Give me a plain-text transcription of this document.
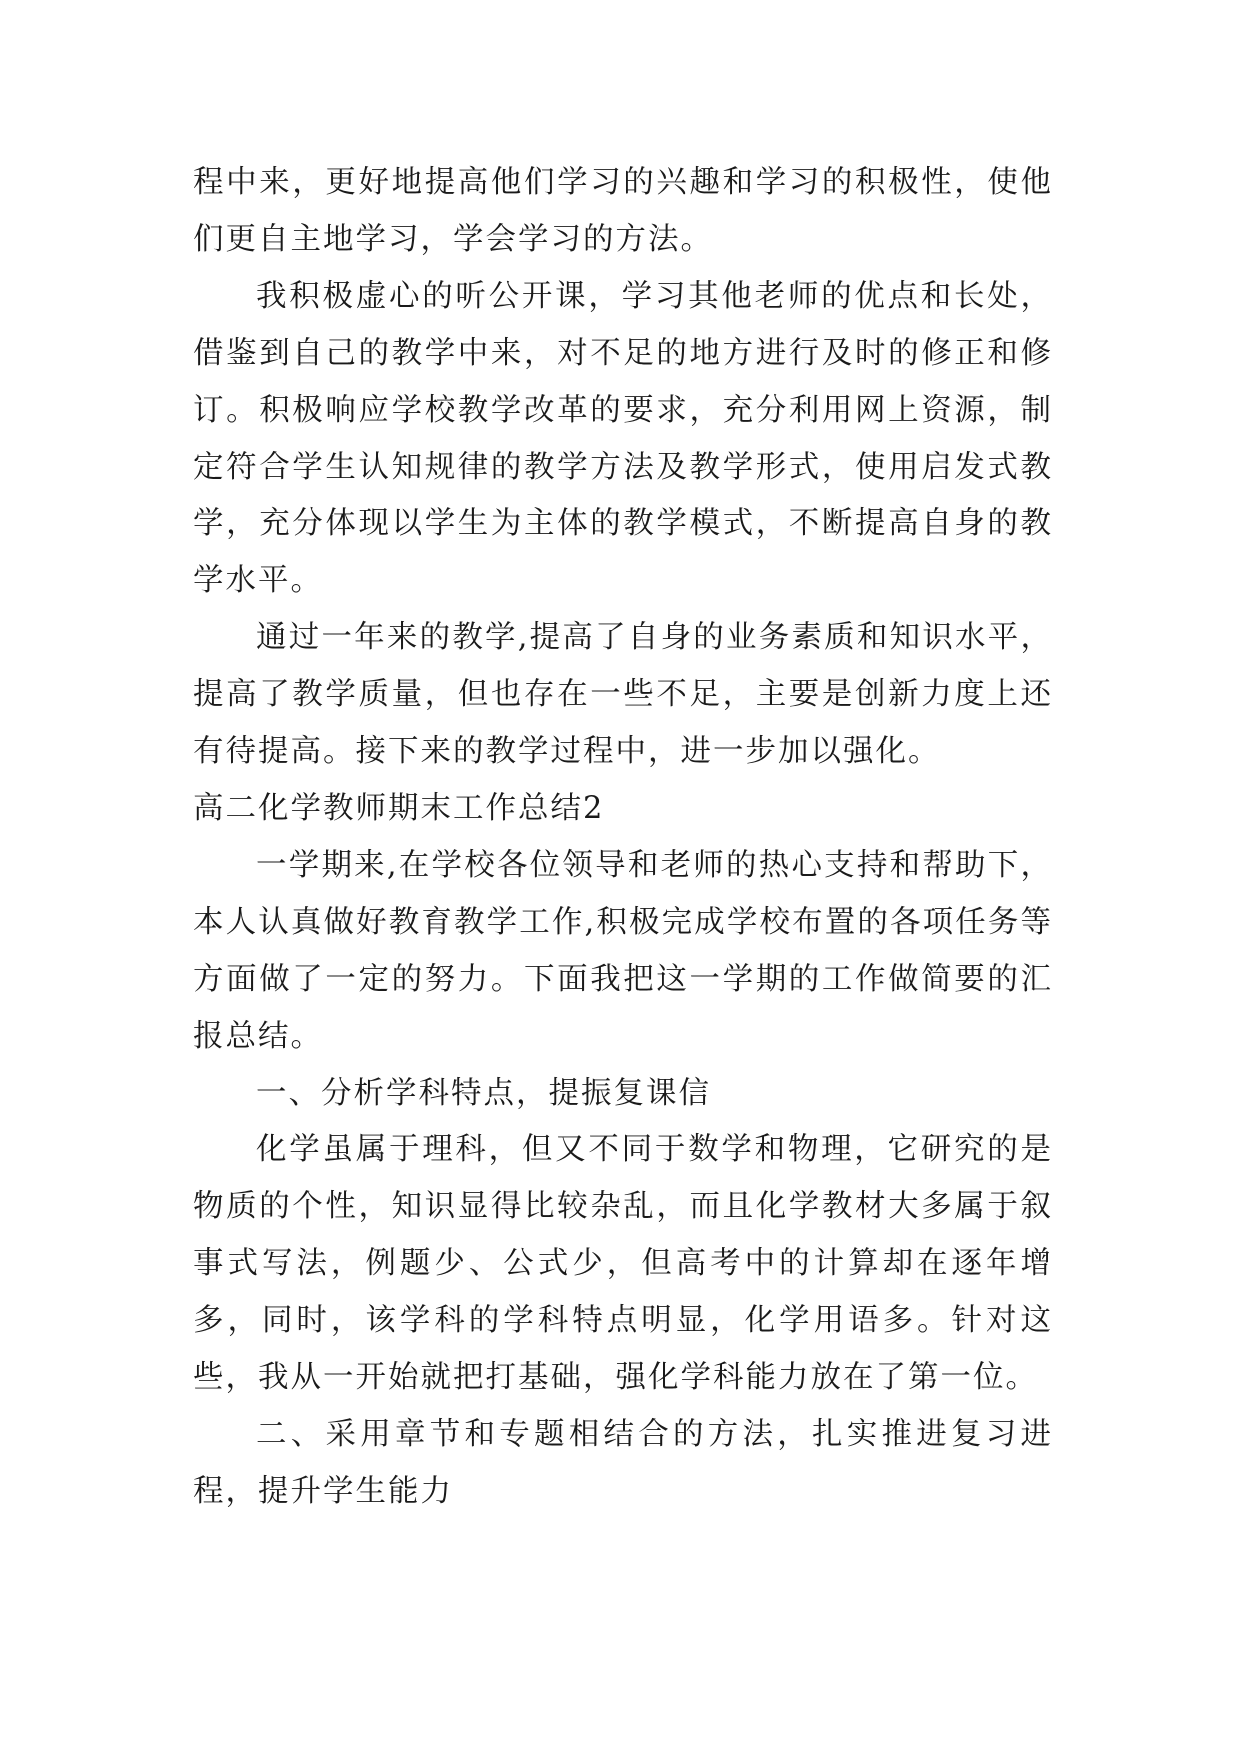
程中来，更好地提高他们学习的兴趣和学习的积极性，使他们更自主地学习，学会学习的方法。

我积极虚心的听公开课，学习其他老师的优点和长处，借鉴到自己的教学中来，对不足的地方进行及时的修正和修订。积极响应学校教学改革的要求，充分利用网上资源，制定符合学生认知规律的教学方法及教学形式，使用启发式教学，充分体现以学生为主体的教学模式，不断提高自身的教学水平。

通过一年来的教学,提高了自身的业务素质和知识水平，提高了教学质量，但也存在一些不足，主要是创新力度上还有待提高。接下来的教学过程中，进一步加以强化。

高二化学教师期末工作总结2

一学期来,在学校各位领导和老师的热心支持和帮助下，本人认真做好教育教学工作,积极完成学校布置的各项任务等方面做了一定的努力。下面我把这一学期的工作做简要的汇报总结。

一、分析学科特点，提振复课信

化学虽属于理科，但又不同于数学和物理，它研究的是物质的个性，知识显得比较杂乱，而且化学教材大多属于叙事式写法，例题少、公式少，但高考中的计算却在逐年增多，同时，该学科的学科特点明显，化学用语多。针对这些，我从一开始就把打基础，强化学科能力放在了第一位。

二、采用章节和专题相结合的方法，扎实推进复习进程，提升学生能力
